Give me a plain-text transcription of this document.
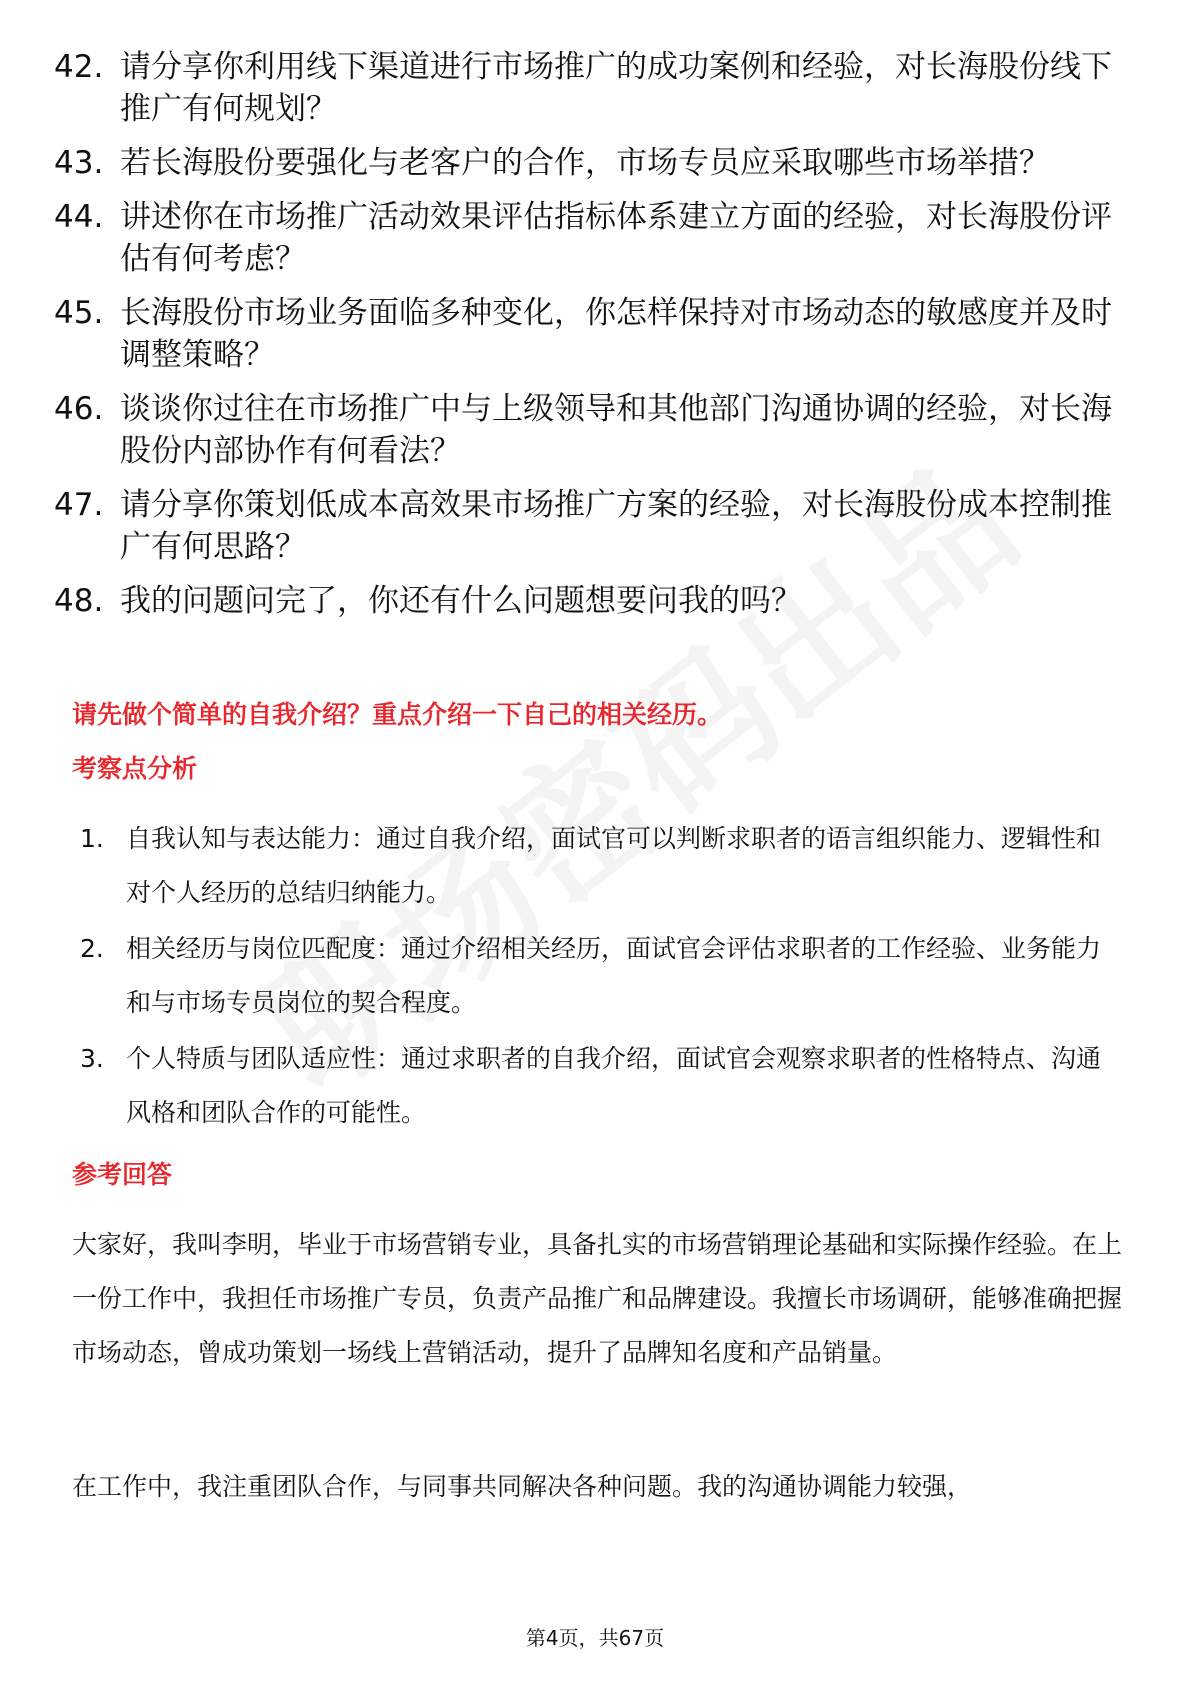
42. 请分享你利用线下渠道进行市场推广的成功案例和经验，对长海股份线下推广有何规划？
43. 若长海股份要强化与老客户的合作，市场专员应采取哪些市场举措？
44. 讲述你在市场推广活动效果评估指标体系建立方面的经验，对长海股份评估有何考虑？
45. 长海股份市场业务面临多种变化，你怎样保持对市场动态的敏感度并及时调整策略？
46. 谈谈你过往在市场推广中与上级领导和其他部门沟通协调的经验，对长海股份内部协作有何看法？
47. 请分享你策划低成本高效果市场推广方案的经验，对长海股份成本控制推广有何思路？
48. 我的问题问完了，你还有什么问题想要问我的吗？
请先做个简单的自我介绍？重点介绍一下自己的相关经历。
考察点分析
1. 自我认知与表达能力：通过自我介绍，面试官可以判断求职者的语言组织能力、逻辑性和对个人经历的总结归纳能力。
2. 相关经历与岗位匹配度：通过介绍相关经历，面试官会评估求职者的工作经验、业务能力和与市场专员岗位的契合程度。
3. 个人特质与团队适应性：通过求职者的自我介绍，面试官会观察求职者的性格特点、沟通风格和团队合作的可能性。
参考回答
大家好，我叫李明，毕业于市场营销专业，具备扎实的市场营销理论基础和实际操作经验。在上一份工作中，我担任市场推广专员，负责产品推广和品牌建设。我擅长市场调研，能够准确把握市场动态，曾成功策划一场线上营销活动，提升了品牌知名度和产品销量。
在工作中，我注重团队合作，与同事共同解决各种问题。我的沟通协调能力较强，
第4页，共67页
